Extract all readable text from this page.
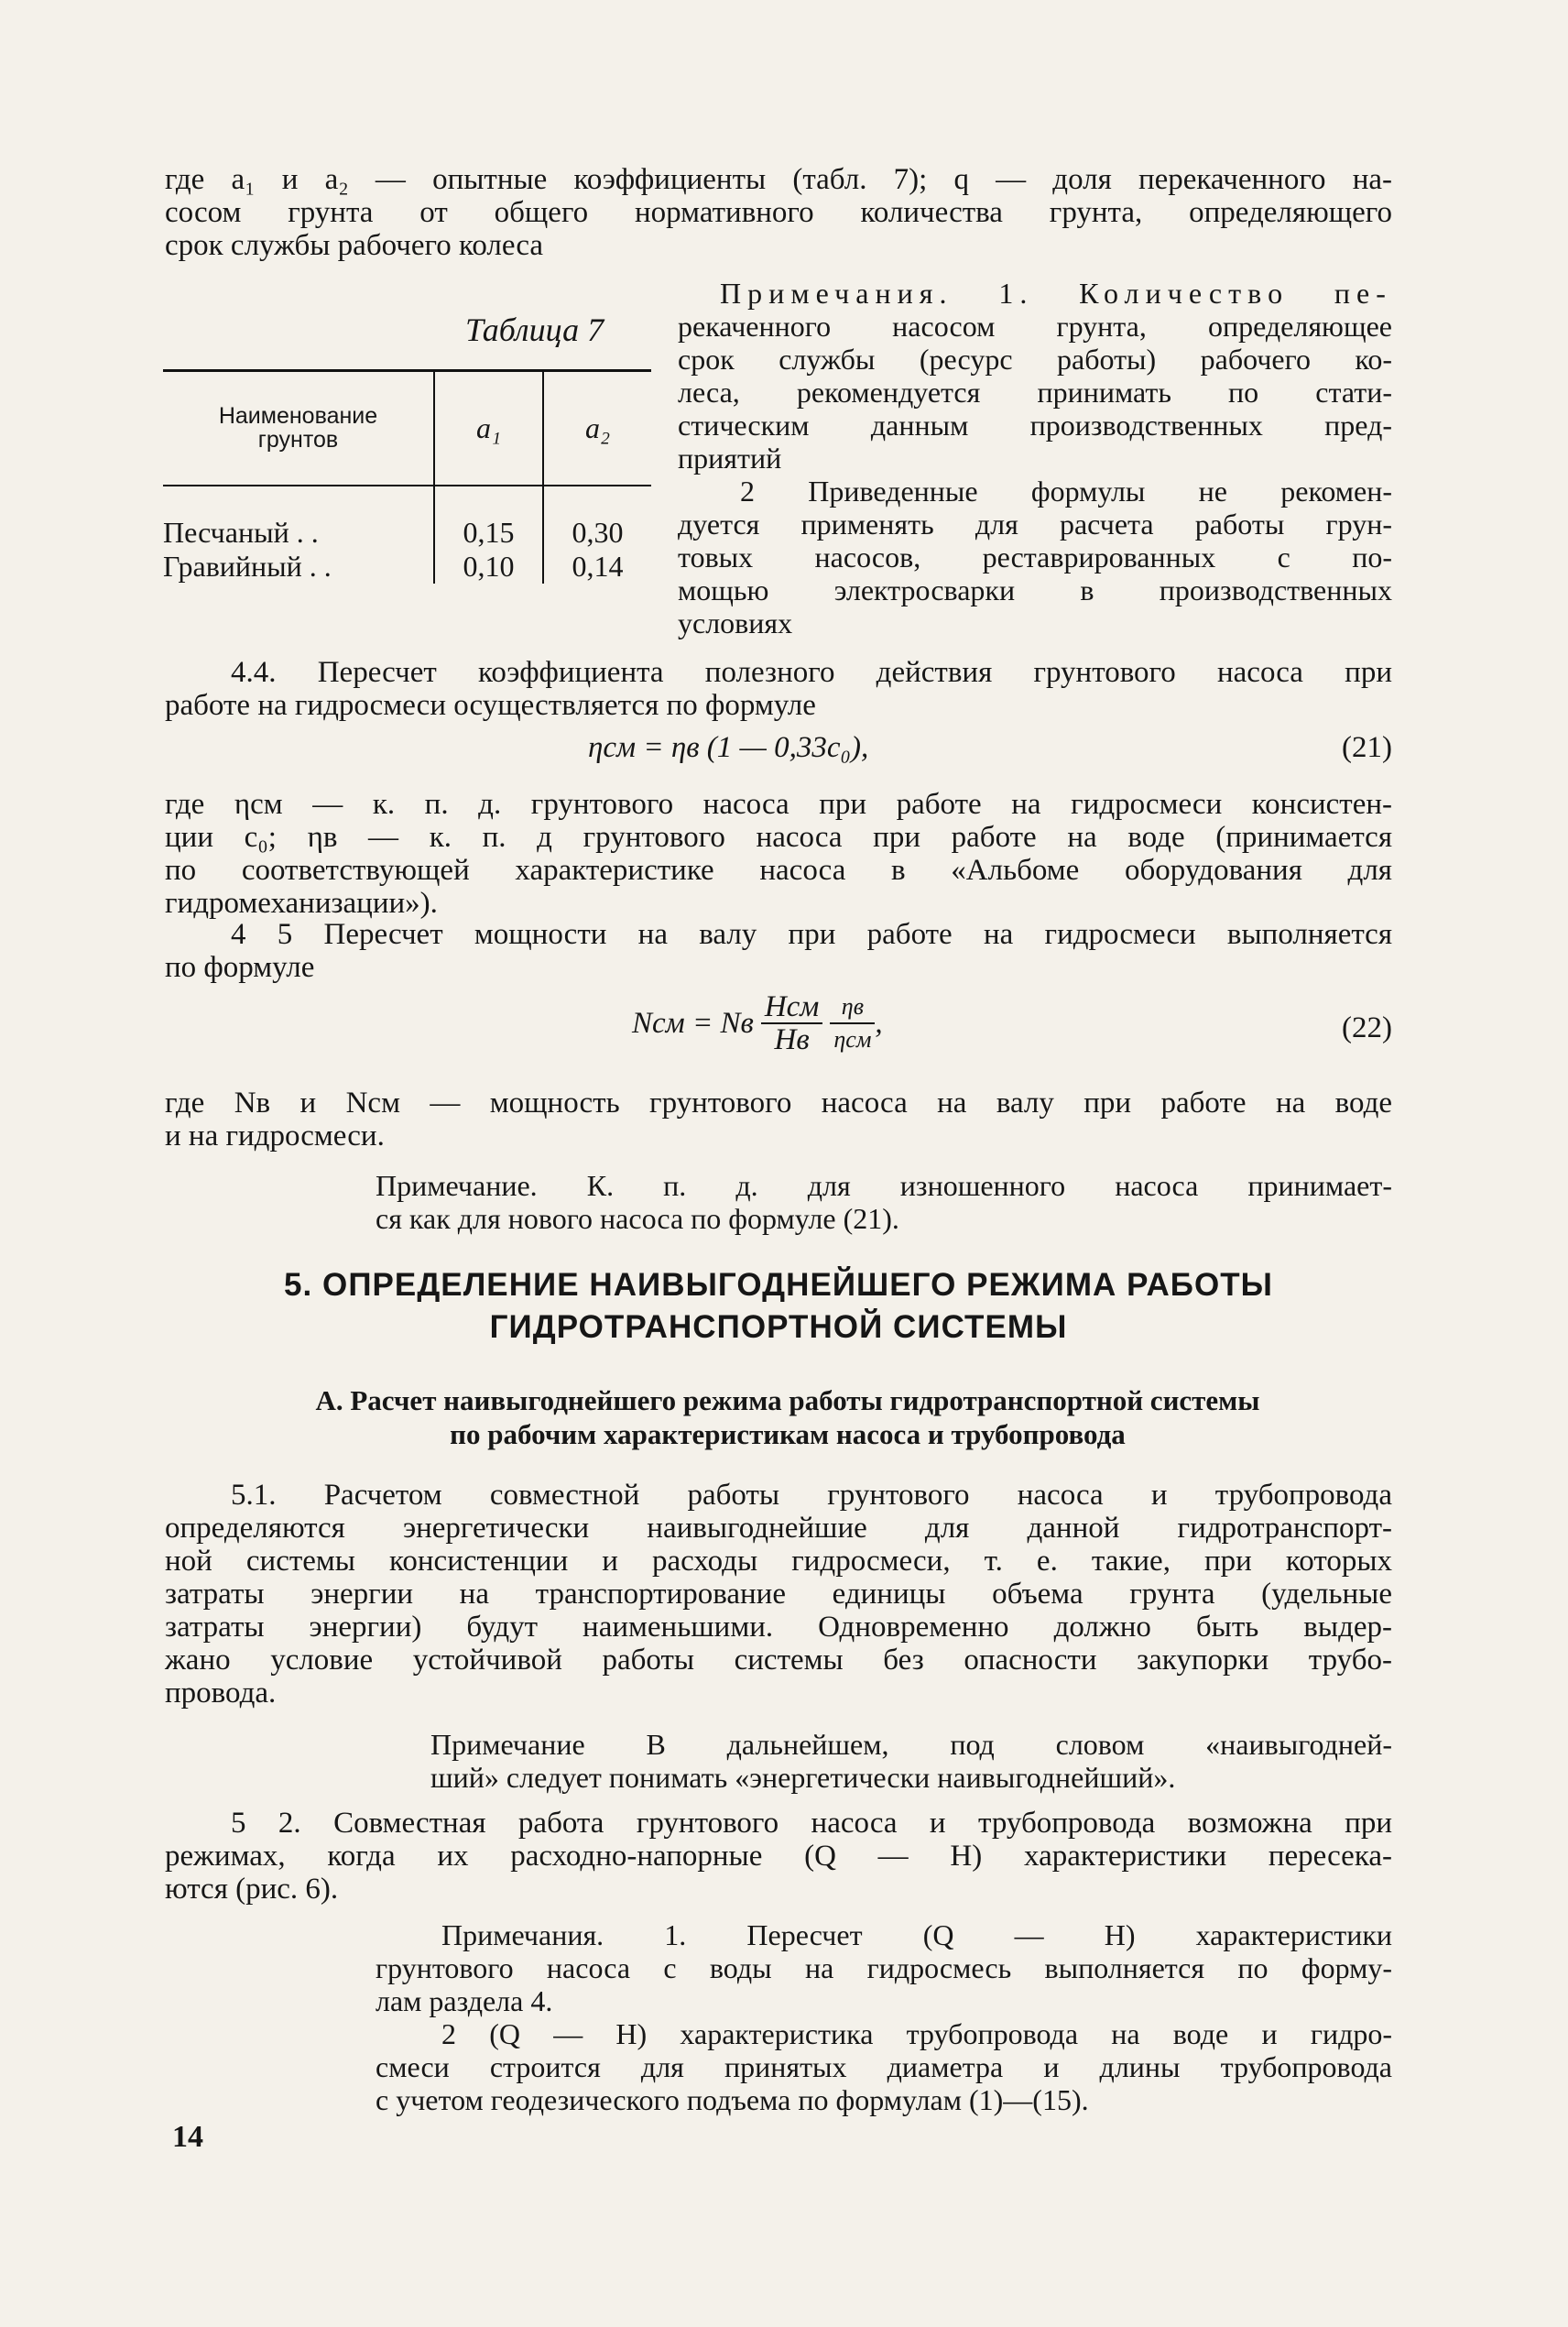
где a₁ и a₂ — опытные коэффициенты (табл. 7); q — доля перекаченного на-
сосом грунта от общего нормативного количества грунта, определяющего
срок службы рабочего колеса
Таблица 7
Наименование
грунтов	a₁	a₂
Песчаный . .	0,15	0,30
Гравийный . .	0,10	0,14
Примечания. 1. Количество пе-
рекаченного насосом грунта, определяющее
срок службы (ресурс работы) рабочего ко-
леса, рекомендуется принимать по стати-
стическим данным производственных пред-
приятий
2 Приведенные формулы не рекомен-
дуется применять для расчета работы грун-
товых насосов, реставрированных с по-
мощью электросварки в производственных
условиях
4.4. Пересчет коэффициента полезного действия грунтового насоса при
работе на гидросмеси осуществляется по формуле
ηсм = ηв (1 — 0,33c₀),	(21)
где ηсм — к. п. д. грунтового насоса при работе на гидросмеси консистен-
ции c₀; ηв — к. п. д грунтового насоса при работе на воде (принимается
по соответствующей характеристике насоса в «Альбоме оборудования для
гидромеханизации»).
4 5 Пересчет мощности на валу при работе на гидросмеси выполняется
по формуле
Nсм = Nв $\frac{\text{Hсм}}{Hв} \frac{\eta в}{\text{ηсм}}$ ,	(22)
где Nв и Nсм — мощность грунтового насоса на валу при работе на воде
и на гидросмеси.
Примечание. К. п. д. для изношенного насоса принимает-
ся как для нового насоса по формуле (21).
5. ОПРЕДЕЛЕНИЕ НАИВЫГОДНЕЙШЕГО РЕЖИМА РАБОТЫ
ГИДРОТРАНСПОРТНОЙ СИСТЕМЫ
А. Расчет наивыгоднейшего режима работы гидротранспортной системы
по рабочим характеристикам насоса и трубопровода
5.1. Расчетом совместной работы грунтового насоса и трубопровода
определяются энергетически наивыгоднейшие для данной гидротранспорт-
ной системы консистенции и расходы гидросмеси, т. е. такие, при которых
затраты энергии на транспортирование единицы объема грунта (удельные
затраты энергии) будут наименьшими. Одновременно должно быть выдер-
жано условие устойчивой работы системы без опасности закупорки трубо-
провода.
Примечание В дальнейшем, под словом «наивыгодней-
ший» следует понимать «энергетически наивыгоднейший».
5 2. Совместная работа грунтового насоса и трубопровода возможна при
режимах, когда их расходно-напорные (Q — H) характеристики пересека-
ются (рис. 6).
Примечания. 1. Пересчет (Q — H) характеристики
грунтового насоса с воды на гидросмесь выполняется по форму-
лам раздела 4.
2 (Q — H) характеристика трубопровода на воде и гидро-
смеси строится для принятых диаметра и длины трубопровода
с учетом геодезического подъема по формулам (1)—(15).
14
